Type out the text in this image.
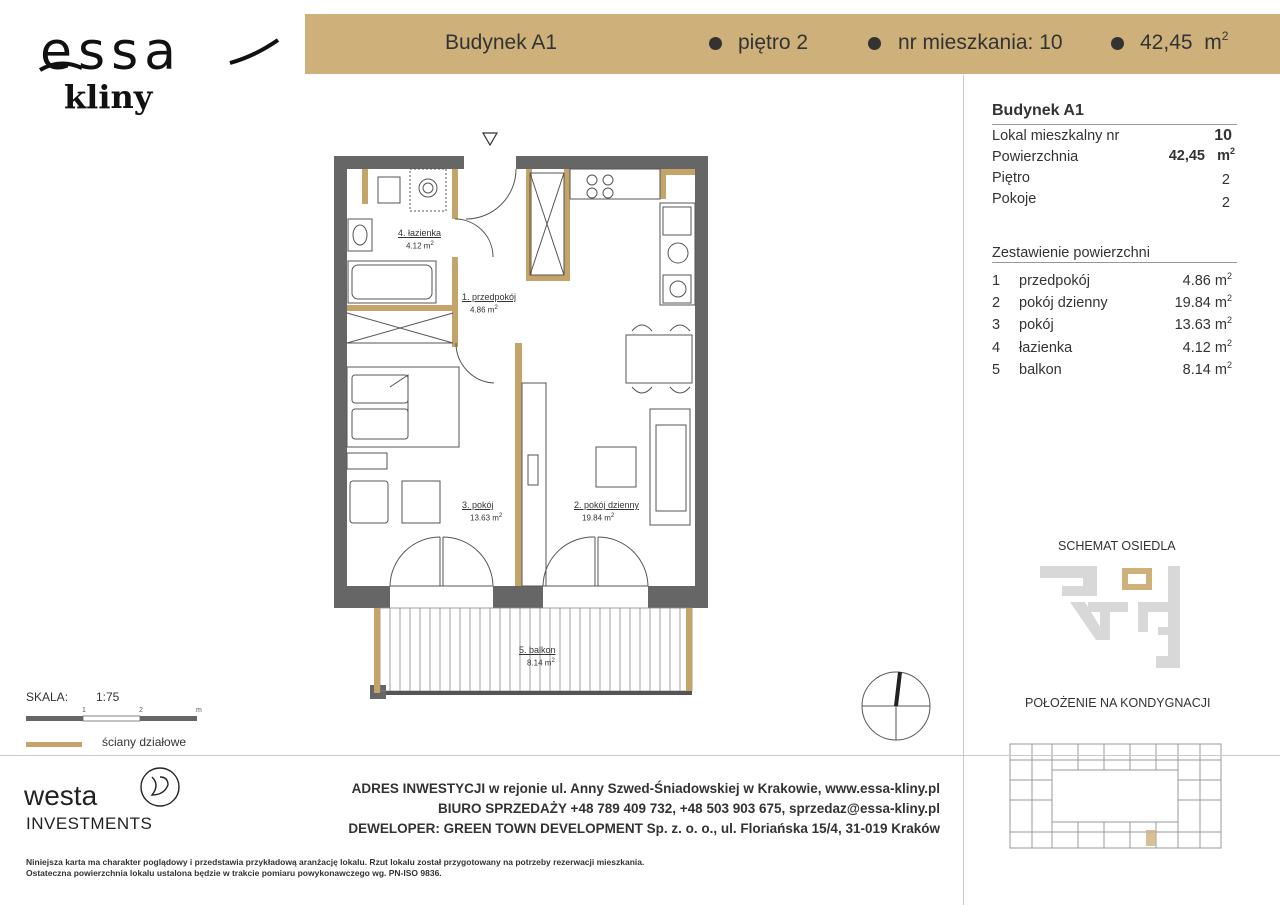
essa
kliny
Budynek A1	piętro 2	nr mieszkania: 10	42,45 $m^2$
Budynek A1
Lokal mieszkalny nr	10
Powierzchnia	42,45 $m^2$
Piętro	2
Pokoje	2
Zestawienie powierzchni
1 przedpokój	4.86 $m^2$
2 pokój dzienny	19.84 $m^2$
3 pokój	13.63 $m^2$
4 łazienka	4.12 $m^2$
5 balkon	8.14 $m^2$
SCHEMAT OSIEDLA
POŁOŻENIE NA KONDYGNACJI
4. łazienka
4.12 $m^2$
1. przedpokój
4.86 $m^2$
3. pokój
13.63 $m^2$
2. pokój dzienny
19.84 $m^2$
5. balkon
8.14 $m^2$
SKALA: 1:75
1	2	m
ściany działowe
westa
INVESTMENTS
ADRES INWESTYCJI w rejonie ul. Anny Szwed-Śniadowskiej w Krakowie, www.essa-kliny.pl
BIURO SPRZEDAŻY +48 789 409 732, +48 503 903 675, sprzedaz@essa-kliny.pl
DEWELOPER: GREEN TOWN DEVELOPMENT Sp. z. o. o., ul. Floriańska 15/4, 31-019 Kraków
Niniejsza karta ma charakter poglądowy i przedstawia przykładową aranżację lokalu. Rzut lokalu został przygotowany na potrzeby rezerwacji mieszkania.
Ostateczna powierzchnia lokalu ustalona będzie w trakcie pomiaru powykonawczego wg. PN-ISO 9836.
